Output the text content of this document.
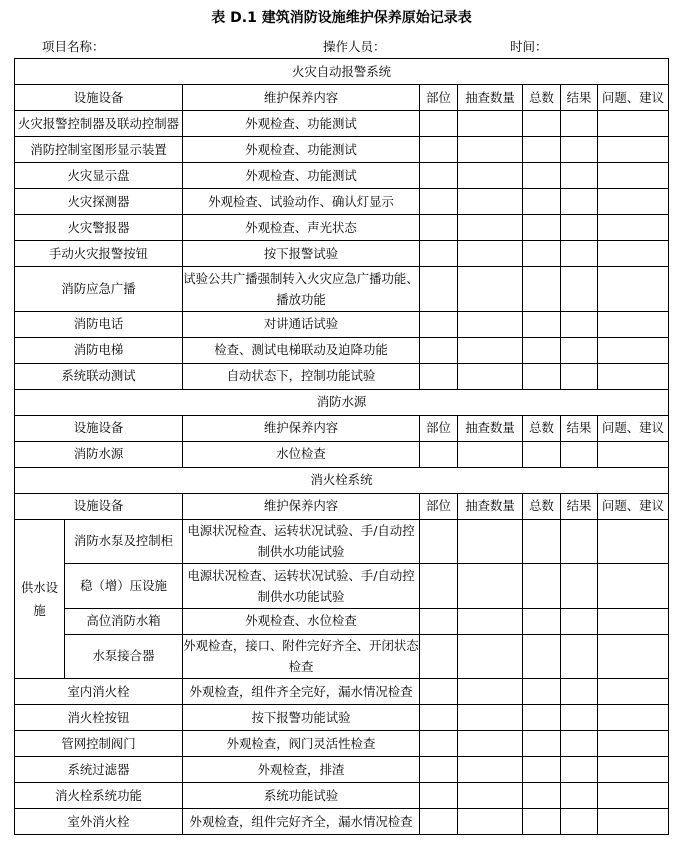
表 D.1 建筑消防设施维护保养原始记录表
项目名称：	操作人员：	时间：
火灾自动报警系统							
设施设备		维护保养内容	部位	抽查数量	总数	结果	问题、建议
火灾报警控制器及联动控制器		外观检查、功能测试					
消防控制室图形显示装置		外观检查、功能测试					
火灾显示盘		外观检查、功能测试					
火灾探测器		外观检查、试验动作、确认灯显示					
火灾警报器		外观检查、声光状态					
手动火灾报警按钮		按下报警试验					
消防应急广播		试验公共广播强制转入火灾应急广播功能、
播放功能					

消防电话		对讲通话试验					
消防电梯		检查、测试电梯联动及迫降功能					
系统联动测试		自动状态下，控制功能试验					
消防水源							
设施设备		维护保养内容	部位	抽查数量	总数	结果	问题、建议
消防水源		水位检查					
消火栓系统							
设施设备		维护保养内容	部位	抽查数量	总数	结果	问题、建议
供水设施	消防水泵及控制柜	电源状况检查、运转状况试验、手/自动控
制供水功能试验					

	稳（增）压设施	电源状况检查、运转状况试验、手/自动控
制供水功能试验					

	高位消防水箱	外观检查、水位检查					
	水泵接合器	外观检查，接口、附件完好齐全、开闭状态
检查					

室内消火栓		外观检查，组件齐全完好，漏水情况检查					
消火栓按钮		按下报警功能试验					
管网控制阀门		外观检查，阀门灵活性检查					
系统过滤器		外观检查，排渣					
消火栓系统功能		系统功能试验					
室外消火栓		外观检查，组件完好齐全，漏水情况检查					
